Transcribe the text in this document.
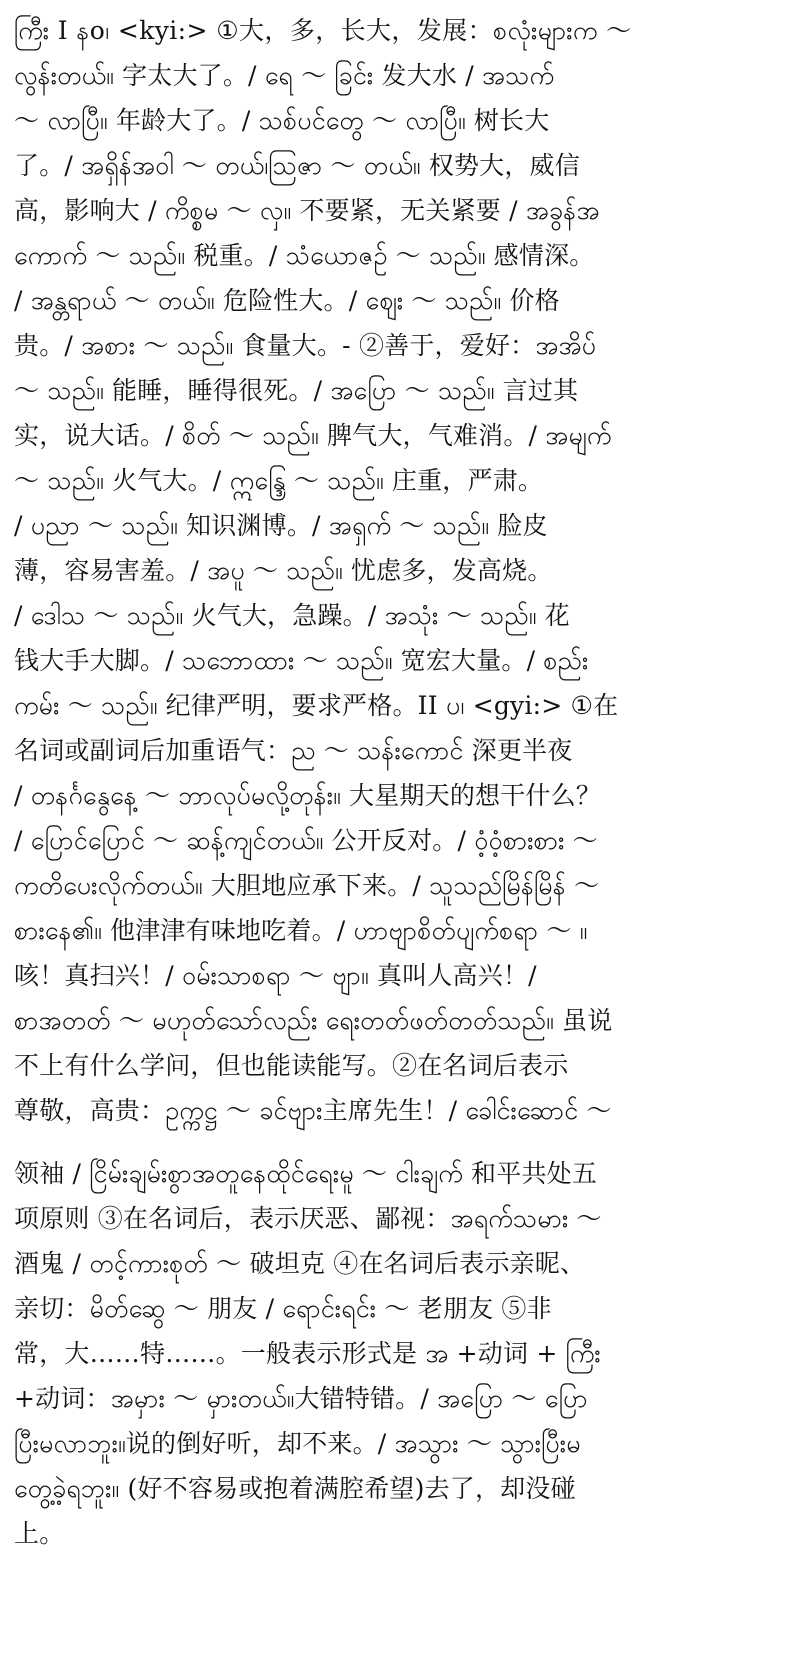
ကြီး I နo၊ <kyi:> ①大，多，长大，发展：စလုံးများက ～
လွန်းတယ်။ 字太大了。/ ရေ ～ ခြင်း 发大水 / အသက်
～ လာပြီ။ 年龄大了。/ သစ်ပင်တွေ ～ လာပြီ။ 树长大
了。/ အရှိန်အဝါ ～ တယ်၊ဩဇာ ～ တယ်။ 权势大，威信
高，影响大 / ကိစ္စမ ～ လှ။ 不要紧，无关紧要 / အခွန်အ
ကောက် ～ သည်။ 税重。/ သံယောဇဉ် ～ သည်။ 感情深。
/ အန္တရာယ် ～ တယ်။ 危险性大。/ ဈေး ～ သည်။ 价格
贵。/ အစား ～ သည်။ 食量大。- ②善于，爱好：အအိပ်
～ သည်။ 能睡，睡得很死。/ အပြော ～ သည်။ 言过其
实，说大话。/ စိတ် ～ သည်။ 脾气大，气难消。/ အမျက်
～ သည်။ 火气大。/ ဣန္ဒြေ ～ သည်။ 庄重，严肃。
/ ပညာ ～ သည်။ 知识渊博。/ အရှက် ～ သည်။ 脸皮
薄，容易害羞。/ အပူ ～ သည်။ 忧虑多，发高烧。
/ ဒေါသ ～ သည်။ 火气大，急躁。/ အသုံး ～ သည်။ 花
钱大手大脚。/ သဘောထား ～ သည်။ 宽宏大量。/ စည်း
ကမ်း ～ သည်။ 纪律严明，要求严格。II ပ၊ <gyi:> ①在
名词或副词后加重语气：ည ～ သန်းကောင် 深更半夜
/ တနင်္ဂနွေနေ့ ～ ဘာလုပ်မလို့တုန်း။ 大星期天的想干什么？
/ ပြောင်ပြောင် ～ ဆန့်ကျင်တယ်။ 公开反对。/ ဝံ့ဝံ့စားစား ～
ကတိပေးလိုက်တယ်။ 大胆地应承下来。/ သူသည်မြိန်မြိန် ～
စားနေ၏။ 他津津有味地吃着。/ ဟာဗျာစိတ်ပျက်စရာ ～ ။
咳！真扫兴！/ ဝမ်းသာစရာ ～ ဗျာ။ 真叫人高兴！/
စာအတတ် ～ မဟုတ်သော်လည်း ရေးတတ်ဖတ်တတ်သည်။ 虽说
不上有什么学问，但也能读能写。②在名词后表示
尊敬，高贵：ဥက္ကဋ္ဌ ～ ခင်ဗျား主席先生！/ ခေါင်းဆောင် ～
领袖 / ငြိမ်းချမ်းစွာအတူနေထိုင်ရေးမူ ～ ငါးချက် 和平共处五
项原则 ③在名词后，表示厌恶、鄙视：အရက်သမား ～
酒鬼 / တင့်ကားစုတ် ～ 破坦克 ④在名词后表示亲昵、
亲切：မိတ်ဆွေ ～ 朋友 / ရောင်းရင်း ～ 老朋友 ⑤非
常，大……特……。一般表示形式是 အ +动词 + ကြီး
+动词：အမှား ～ မှားတယ်။大错特错。/ အပြော ～ ပြော
ပြီးမလာဘူး။说的倒好听，却不来。/ အသွား ～ သွားပြီးမ
တွေ့ခဲ့ရဘူး။ (好不容易或抱着满腔希望)去了，却没碰
上。
